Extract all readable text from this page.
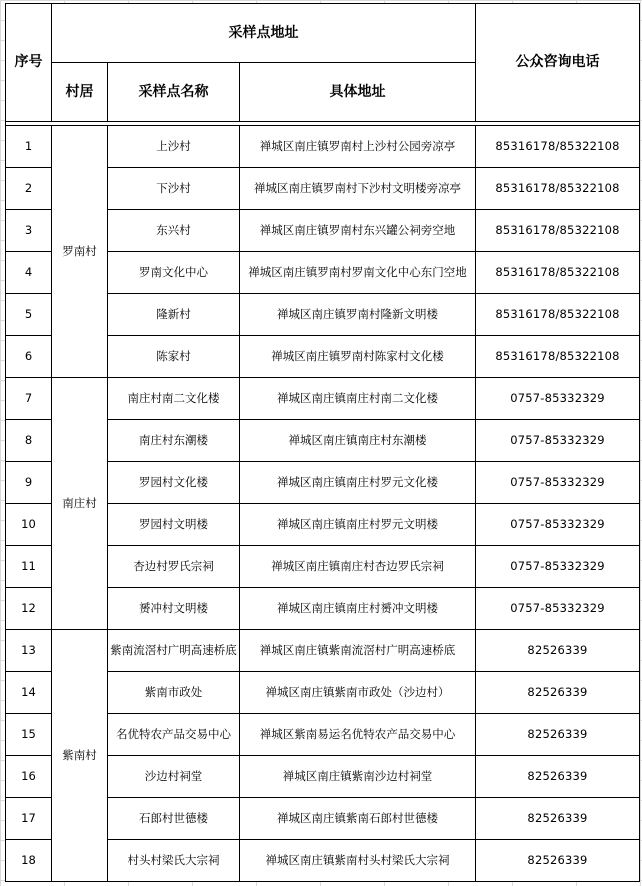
序号	采样点地址			公众咨询电话
	村居	采样点名称	具体地址	

1	罗南村	上沙村	禅城区南庄镇罗南村上沙村公园旁凉亭	85316178/85322108
2		下沙村	禅城区南庄镇罗南村下沙村文明楼旁凉亭	85316178/85322108
3		东兴村	禅城区南庄镇罗南村东兴罐公祠旁空地	85316178/85322108
4		罗南文化中心	禅城区南庄镇罗南村罗南文化中心东门空地	85316178/85322108
5		隆新村	禅城区南庄镇罗南村隆新文明楼	85316178/85322108
6		陈家村	禅城区南庄镇罗南村陈家村文化楼	85316178/85322108
7	南庄村	南庄村南二文化楼	禅城区南庄镇南庄村南二文化楼	0757-85332329
8		南庄村东潮楼	禅城区南庄镇南庄村东潮楼	0757-85332329
9		罗园村文化楼	禅城区南庄镇南庄村罗元文化楼	0757-85332329
10		罗园村文明楼	禅城区南庄镇南庄村罗元文明楼	0757-85332329
11		杏边村罗氏宗祠	禅城区南庄镇南庄村杏边罗氏宗祠	0757-85332329
12		赟冲村文明楼	禅城区南庄镇南庄村赟冲文明楼	0757-85332329
13	紫南村	紫南流滘村广明高速桥底	禅城区南庄镇紫南流滘村广明高速桥底	82526339
14		紫南市政处	禅城区南庄镇紫南市政处（沙边村）	82526339
15		名优特农产品交易中心	禅城区紫南易运名优特农产品交易中心	82526339
16		沙边村祠堂	禅城区南庄镇紫南沙边村祠堂	82526339
17		石郎村世德楼	禅城区南庄镇紫南石郎村世德楼	82526339
18		村头村梁氏大宗祠	禅城区南庄镇紫南村头村梁氏大宗祠	82526339
